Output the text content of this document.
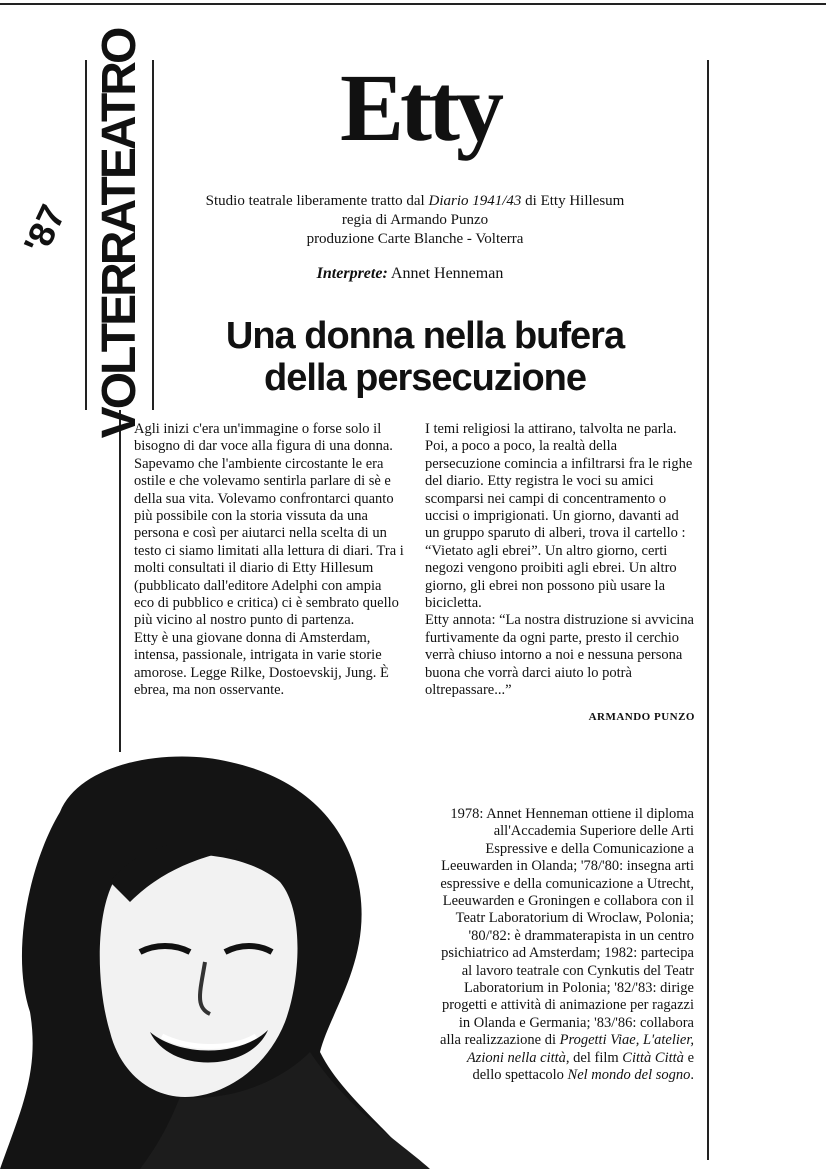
VOLTERRATEATRO
'87
Etty
Studio teatrale liberamente tratto dal Diario 1941/43 di Etty Hillesum
regia di Armando Punzo
produzione Carte Blanche - Volterra
Interprete: Annet Henneman
Una donna nella bufera
della persecuzione

Agli inizi c'era un'immagine o forse solo il bisogno di dar voce alla figura di una donna. Sapevamo che l'ambiente circostante le era ostile e che volevamo sentirla parlare di sè e della sua vita. Volevamo confrontarci quanto più possibile con la storia vissuta da una persona e così per aiutarci nella scelta di un testo ci siamo limitati alla lettura di diari. Tra i molti consultati il diario di Etty Hillesum (pubblicato dall'editore Adelphi con ampia eco di pubblico e critica) ci è sembrato quello più vicino al nostro punto di partenza.

Etty è una giovane donna di Amsterdam, intensa, passionale, intrigata in varie storie amorose. Legge Rilke, Dostoevskij, Jung. È ebrea, ma non osservante.

I temi religiosi la attirano, talvolta ne parla. Poi, a poco a poco, la realtà della persecuzione comincia a infiltrarsi fra le righe del diario. Etty registra le voci su amici scomparsi nei campi di concentramento o uccisi o imprigionati. Un giorno, davanti ad un gruppo sparuto di alberi, trova il cartello : “Vietato agli ebrei”. Un altro giorno, certi negozi vengono proibiti agli ebrei. Un altro giorno, gli ebrei non possono più usare la bicicletta.

Etty annota: “La nostra distruzione si avvicina furtivamente da ogni parte, presto il cerchio verrà chiuso intorno a noi e nessuna persona buona che vorrà darci aiuto lo potrà oltrepassare...”

ARMANDO PUNZO
1978: Annet Henneman ottiene il diploma all'Accademia Superiore delle Arti Espressive e della Comunicazione a Leeuwarden in Olanda; '78/'80: insegna arti espressive e della comunicazione a Utrecht, Leeuwarden e Groningen e collabora con il Teatr Laboratorium di Wroclaw, Polonia; '80/'82: è drammaterapista in un centro psichiatrico ad Amsterdam; 1982: partecipa al lavoro teatrale con Cynkutis del Teatr Laboratorium in Polonia; '82/'83: dirige progetti e attività di animazione per ragazzi in Olanda e Germania; '83/'86: collabora alla realizzazione di Progetti Viae, L'atelier, Azioni nella città, del film Città Città e dello spettacolo Nel mondo del sogno.
